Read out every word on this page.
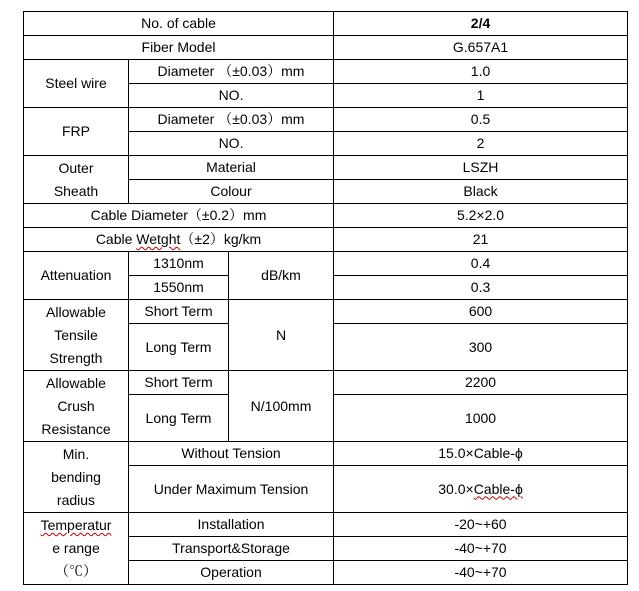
No. of cable			2/4
Fiber Model			G.657A1
Steel wire	Diameter （±0.03）mm		1.0
	NO.		1
FRP	Diameter （±0.03）mm		0.5
	NO.		2

Outer
Sheath	Material		LSZH
	Colour		Black
Cable Diameter（±0.2）mm			5.2×2.0
Cable Wetght（±2）kg/km			21
Attenuation	1310nm	dB/km	0.4
	1550nm		0.3

Allowable
Tensile
Strength	Short Term	N	600
	Long Term		300

Allowable
Crush
Resistance	Short Term	N/100mm	2200
	Long Term		1000

Min.
bending
radius	Without Tension		15.0×Cable-ϕ
	Under Maximum Tension		30.0×Cable-ϕ

Temperatur
e range
（℃）	Installation		-20~+60
	Transport&Storage		-40~+70
	Operation		-40~+70
